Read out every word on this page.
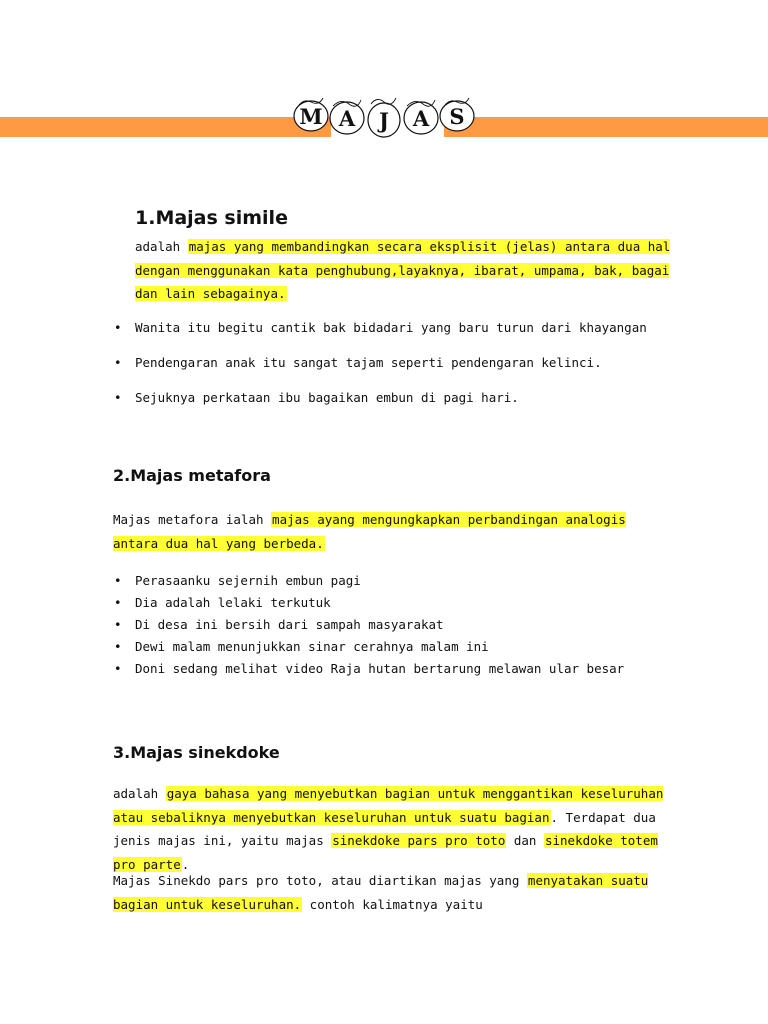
M A J A S
1.Majas simile

adalah majas yang membandingkan secara eksplisit (jelas) antara dua hal dengan menggunakan kata penghubung,layaknya, ibarat, umpama, bak, bagai dan lain sebagainya.

• Wanita itu begitu cantik bak bidadari yang baru turun dari khayangan
• Pendengaran anak itu sangat tajam seperti pendengaran kelinci.
• Sejuknya perkataan ibu bagaikan embun di pagi hari.
2.Majas metafora

Majas metafora ialah majas ayang mengungkapkan perbandingan analogis antara dua hal yang berbeda.

• Perasaanku sejernih embun pagi
• Dia adalah lelaki terkutuk
• Di desa ini bersih dari sampah masyarakat
• Dewi malam menunjukkan sinar cerahnya malam ini
• Doni sedang melihat video Raja hutan bertarung melawan ular besar
3.Majas sinekdoke

adalah gaya bahasa yang menyebutkan bagian untuk menggantikan keseluruhan atau sebaliknya menyebutkan keseluruhan untuk suatu bagian. Terdapat dua jenis majas ini, yaitu majas sinekdoke pars pro toto dan sinekdoke totem pro parte.

Majas Sinekdo pars pro toto, atau diartikan majas yang menyatakan suatu bagian untuk keseluruhan. contoh kalimatnya yaitu
